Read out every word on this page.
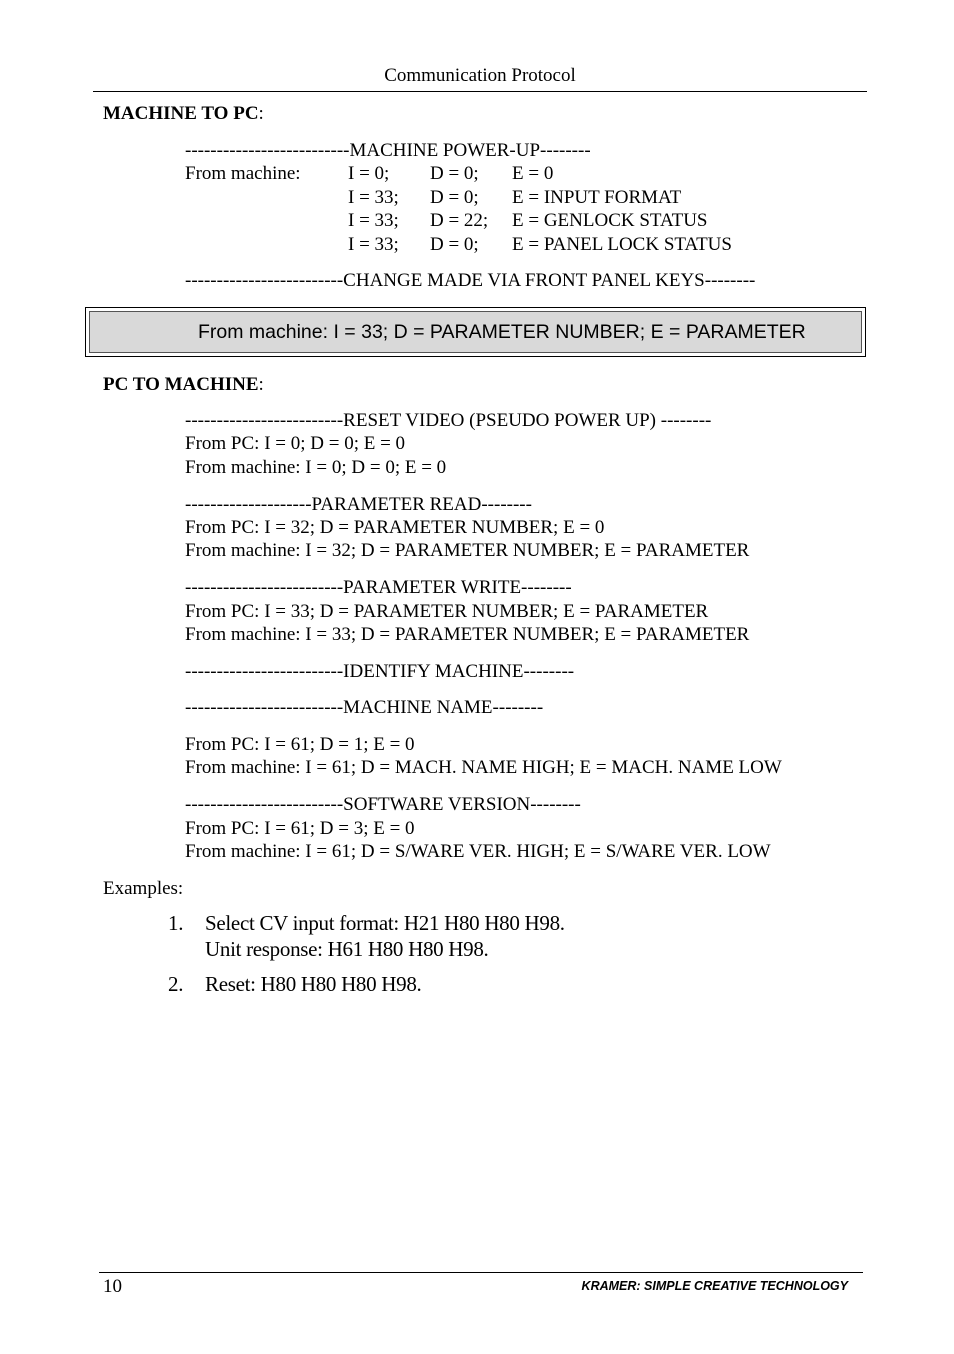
Communication Protocol
MACHINE TO PC:
--------------------------MACHINE POWER-UP--------
From machine: I = 0; D = 0; E = 0
I = 33; D = 0; E = INPUT FORMAT
I = 33; D = 22; E = GENLOCK STATUS
I = 33; D = 0; E = PANEL LOCK STATUS
-------------------------CHANGE MADE VIA FRONT PANEL KEYS--------
From machine: I = 33; D = PARAMETER NUMBER; E = PARAMETER
PC TO MACHINE:
-------------------------RESET VIDEO (PSEUDO POWER UP) --------
From PC: I = 0; D = 0; E = 0
From machine: I = 0; D = 0; E = 0
--------------------PARAMETER READ--------
From PC: I = 32; D = PARAMETER NUMBER; E = 0
From machine: I = 32; D = PARAMETER NUMBER; E = PARAMETER
-------------------------PARAMETER WRITE--------
From PC: I = 33; D = PARAMETER NUMBER; E = PARAMETER
From machine: I = 33; D = PARAMETER NUMBER; E = PARAMETER
-------------------------IDENTIFY MACHINE--------
-------------------------MACHINE NAME--------
From PC: I = 61; D = 1; E = 0
From machine: I = 61; D = MACH. NAME HIGH; E = MACH. NAME LOW
-------------------------SOFTWARE VERSION--------
From PC: I = 61; D = 3; E = 0
From machine: I = 61; D = S/WARE VER. HIGH; E = S/WARE VER. LOW
Examples:
1. Select CV input format: H21 H80 H80 H98.
Unit response: H61 H80 H80 H98.
2. Reset: H80 H80 H80 H98.
10	KRAMER: SIMPLE CREATIVE TECHNOLOGY
